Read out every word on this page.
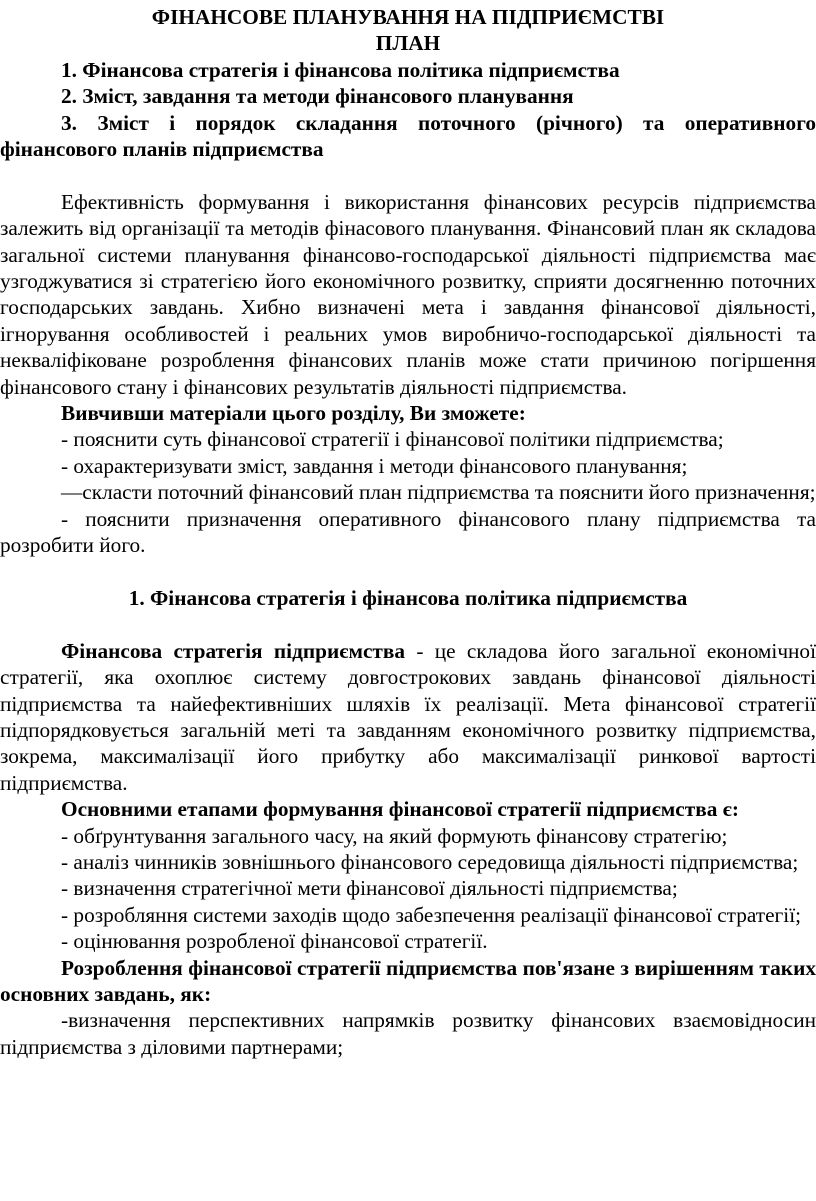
ФІНАНСОВЕ ПЛАНУВАННЯ НА ПІДПРИЄМСТВІ

ПЛАН

1. Фінансова стратегія і фінансова політика підприємства

2. Зміст, завдання та методи фінансового планування

3. Зміст і порядок складання поточного (річного) та оперативного фінансового планів підприємства

Ефективність формування і використання фінансових ресурсів підприємства залежить від організації та методів фінасового планування. Фінансовий план як складова загальної системи планування фінансово-господарської діяльності підприємства має узгоджуватися зі стратегією його економічного розвитку, сприяти досягненню поточних господарських завдань. Хибно визначені мета і завдання фінансової діяльності, ігнорування особливостей і реальних умов виробничо-господарської діяльності та некваліфіковане розроблення фінансових планів може стати причиною погіршення фінансового стану і фінансових результатів діяльності підприємства.

Вивчивши матеріали цього розділу, Ви зможете:

- пояснити суть фінансової стратегії і фінансової політики підприємства;

- охарактеризувати зміст, завдання і методи фінансового планування;

—скласти поточний фінансовий план підприємства та пояснити його призначення;

- пояснити призначення оперативного фінансового плану підприємства та розробити його.

1. Фінансова стратегія і фінансова політика підприємства

Фінансова стратегія підприємства - це складова його загальної економічної стратегії, яка охоплює систему довгострокових завдань фінансової діяльності підприємства та найефективніших шляхів їх реалізації. Мета фінансової стратегії підпорядковується загальній меті та завданням економічного розвитку підприємства, зокрема, максималізації його прибутку або максималізації ринкової вартості підприємства.

Основними етапами формування фінансової стратегії підприємства є:

- обґрунтування загального часу, на який формують фінансову стратегію;

- аналіз чинників зовнішнього фінансового середовища діяльності підприємства;

- визначення стратегічної мети фінансової діяльності підприємства;

- розробляння системи заходів щодо забезпечення реалізації фінансової стратегії;

- оцінювання розробленої фінансової стратегії.

Розроблення фінансової стратегії підприємства пов'язане з вирішенням таких основних завдань, як:

-визначення перспективних напрямків розвитку фінансових взаємовідносин підприємства з діловими партнерами;
